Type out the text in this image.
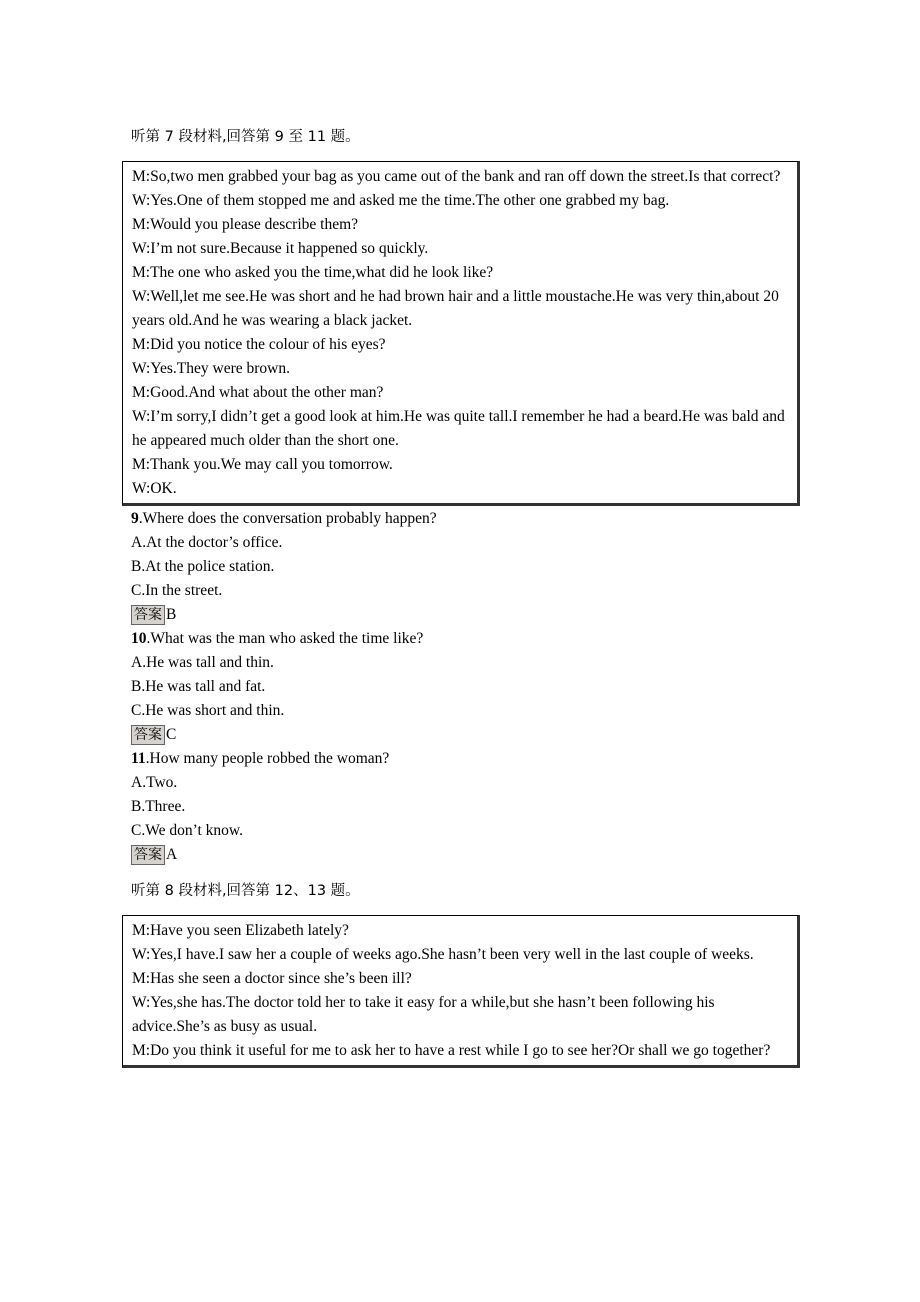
听第 7 段材料,回答第 9 至 11 题。
M:So,two men grabbed your bag as you came out of the bank and ran off down the street.Is that correct?
W:Yes.One of them stopped me and asked me the time.The other one grabbed my bag.
M:Would you please describe them?
W:I’m not sure.Because it happened so quickly.
M:The one who asked you the time,what did he look like?
W:Well,let me see.He was short and he had brown hair and a little moustache.He was very thin,about 20 years old.And he was wearing a black jacket.
M:Did you notice the colour of his eyes?
W:Yes.They were brown.
M:Good.And what about the other man?
W:I’m sorry,I didn’t get a good look at him.He was quite tall.I remember he had a beard.He was bald and he appeared much older than the short one.
M:Thank you.We may call you tomorrow.
W:OK.
9.Where does the conversation probably happen?
A.At the doctor’s office.
B.At the police station.
C.In the street.
答案 B
10.What was the man who asked the time like?
A.He was tall and thin.
B.He was tall and fat.
C.He was short and thin.
答案 C
11.How many people robbed the woman?
A.Two.
B.Three.
C.We don’t know.
答案 A
听第 8 段材料,回答第 12、13 题。
M:Have you seen Elizabeth lately?
W:Yes,I have.I saw her a couple of weeks ago.She hasn’t been very well in the last couple of weeks.
M:Has she seen a doctor since she’s been ill?
W:Yes,she has.The doctor told her to take it easy for a while,but she hasn’t been following his advice.She’s as busy as usual.
M:Do you think it useful for me to ask her to have a rest while I go to see her?Or shall we go together?
